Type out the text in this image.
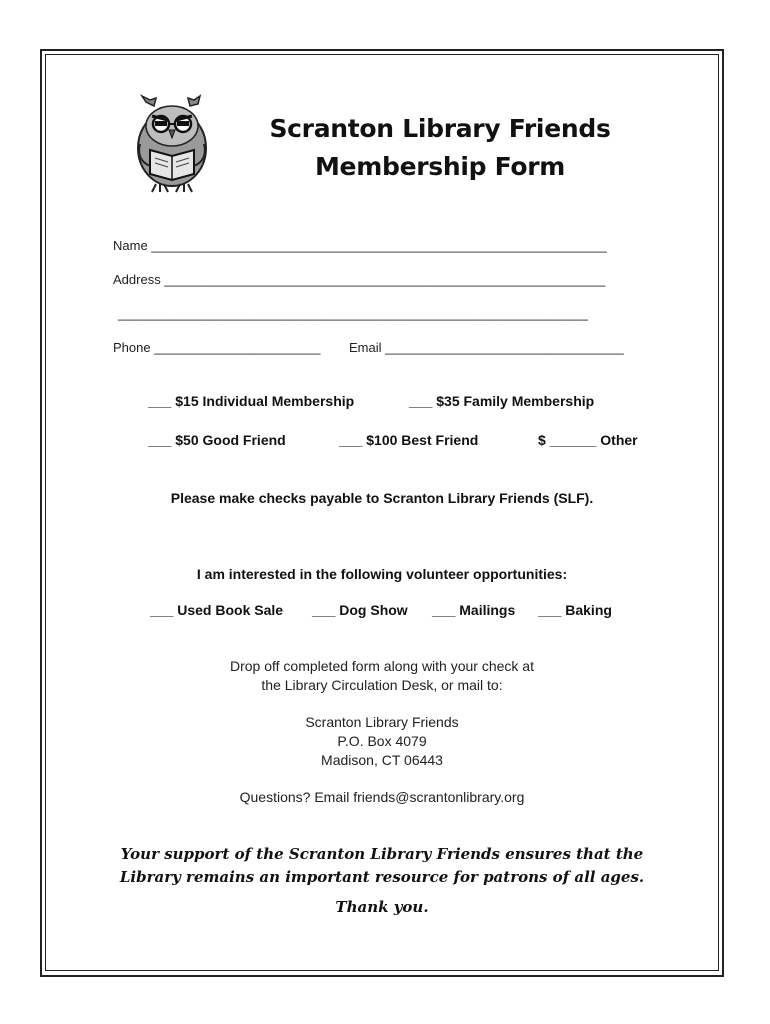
Scranton Library Friends
Membership Form
Name _______________________________________________________________
Address _____________________________________________________________
_________________________________________________________________
Phone _______________________ Email _________________________________
___ $15 Individual Membership	___ $35 Family Membership
___ $50 Good Friend	___ $100 Best Friend	$ ______ Other
Please make checks payable to Scranton Library Friends (SLF).
I am interested in the following volunteer opportunities:
___ Used Book Sale ___ Dog Show ___ Mailings ___ Baking
Drop off completed form along with your check at
the Library Circulation Desk, or mail to:
Scranton Library Friends
P.O. Box 4079
Madison, CT 06443
Questions? Email friends@scrantonlibrary.org
Your support of the Scranton Library Friends ensures that the
Library remains an important resource for patrons of all ages.
Thank you.
